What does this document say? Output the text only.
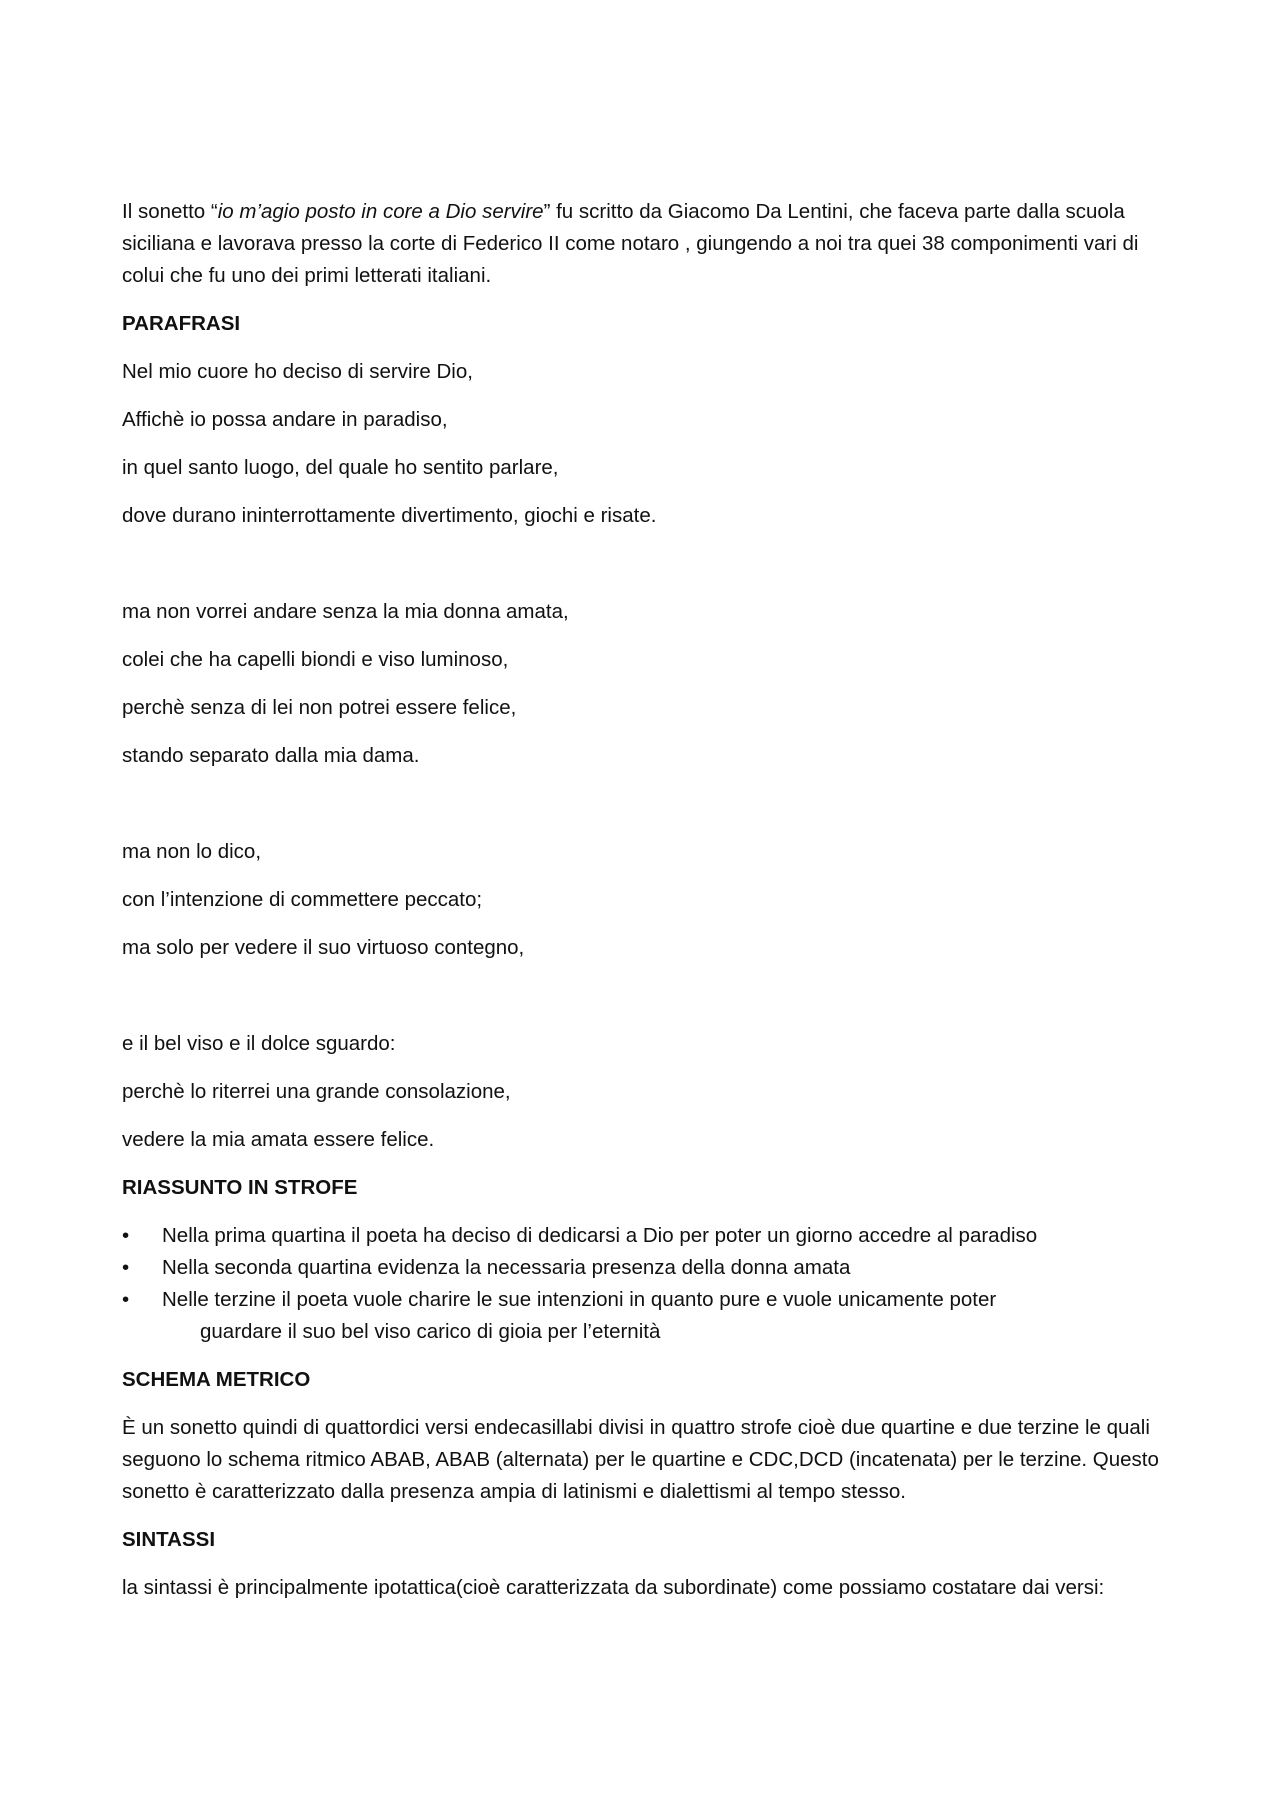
Il sonetto “io m’agio posto in core a Dio servire” fu scritto da Giacomo Da Lentini, che faceva parte dalla scuola siciliana e lavorava presso la corte di Federico II come notaro , giungendo a noi tra quei 38 componimenti vari di colui che fu uno dei primi letterati italiani.

PARAFRASI

Nel mio cuore ho deciso di servire Dio,

Affichè io possa andare in paradiso,

in quel santo luogo, del quale ho sentito parlare,

dove durano ininterrottamente divertimento, giochi e risate.

ma non vorrei andare senza la mia donna amata,

colei che ha capelli biondi e viso luminoso,

perchè senza di lei non potrei essere felice,

stando separato dalla mia dama.

ma non lo dico,

con l’intenzione di commettere peccato;

ma solo per vedere il suo virtuoso contegno,

e il bel viso e il dolce sguardo:

perchè lo riterrei una grande consolazione,

vedere la mia amata essere felice.

RIASSUNTO IN STROFE

• Nella prima quartina il poeta ha deciso di dedicarsi a Dio per poter un giorno accedre al paradiso
• Nella seconda quartina evidenza la necessaria presenza della donna amata
• Nelle terzine il poeta vuole charire le sue intenzioni in quanto pure e vuole unicamente poter
guardare il suo bel viso carico di gioia per l’eternità

SCHEMA METRICO

È un sonetto quindi di quattordici versi endecasillabi divisi in quattro strofe cioè due quartine e due terzine le quali seguono lo schema ritmico ABAB, ABAB (alternata) per le quartine e CDC,DCD (incatenata) per le terzine. Questo sonetto è caratterizzato dalla presenza ampia di latinismi e dialettismi al tempo stesso.

SINTASSI

la sintassi è principalmente ipotattica(cioè caratterizzata da subordinate) come possiamo costatare dai versi:
